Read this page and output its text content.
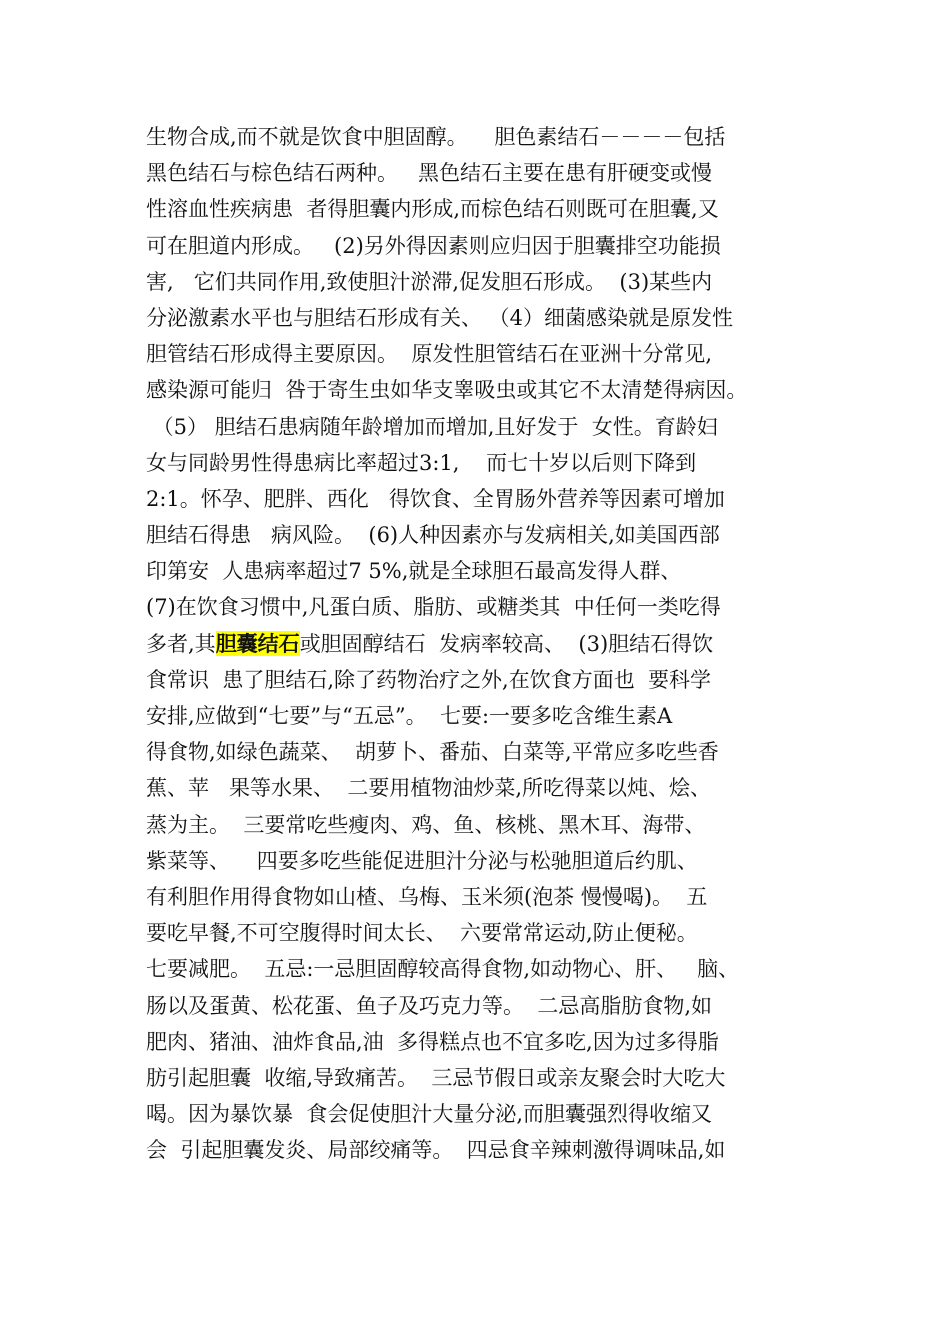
生物合成,而不就是饮食中胆固醇。    胆色素结石－－－－包括
黑色结石与棕色结石两种。   黑色结石主要在患有肝硬变或慢
性溶血性疾病患  者得胆囊内形成,而棕色结石则既可在胆囊,又
可在胆道内形成。   (2)另外得因素则应归因于胆囊排空功能损
害,   它们共同作用,致使胆汁淤滞,促发胆石形成。  (3)某些内
分泌激素水平也与胆结石形成有关、 （4）细菌感染就是原发性
胆管结石形成得主要原因。  原发性胆管结石在亚洲十分常见,
感染源可能归  咎于寄生虫如华支睾吸虫或其它不太清楚得病因。
（5） 胆结石患病随年龄增加而增加,且好发于  女性。育龄妇
女与同龄男性得患病比率超过3:1,    而七十岁以后则下降到
2:1。怀孕、肥胖、西化   得饮食、全胃肠外营养等因素可增加
胆结石得患   病风险。  (6)人种因素亦与发病相关,如美国西部
印第安  人患病率超过7 5%,就是全球胆石最高发得人群、
(7)在饮食习惯中,凡蛋白质、脂肪、或糖类其  中任何一类吃得
多者,其胆囊结石或胆固醇结石  发病率较高、  (3)胆结石得饮
食常识  患了胆结石,除了药物治疗之外,在饮食方面也  要科学
安排,应做到“七要”与“五忌”。  七要:一要多吃含维生素A
得食物,如绿色蔬菜、  胡萝卜、番茄、白菜等,平常应多吃些香
蕉、苹   果等水果、  二要用植物油炒菜,所吃得菜以炖、烩、
蒸为主。  三要常吃些瘦肉、鸡、鱼、核桃、黑木耳、海带、
紫菜等、    四要多吃些能促进胆汁分泌与松驰胆道后约肌、
有利胆作用得食物如山楂、乌梅、玉米须(泡茶 慢慢喝)。  五
要吃早餐,不可空腹得时间太长、  六要常常运动,防止便秘。
七要减肥。  五忌:一忌胆固醇较高得食物,如动物心、肝、   脑、
肠以及蛋黄、松花蛋、鱼子及巧克力等。  二忌高脂肪食物,如
肥肉、猪油、油炸食品,油  多得糕点也不宜多吃,因为过多得脂
肪引起胆囊  收缩,导致痛苦。  三忌节假日或亲友聚会时大吃大
喝。因为暴饮暴  食会促使胆汁大量分泌,而胆囊强烈得收缩又
会  引起胆囊发炎、局部绞痛等。  四忌食辛辣刺激得调味品,如
